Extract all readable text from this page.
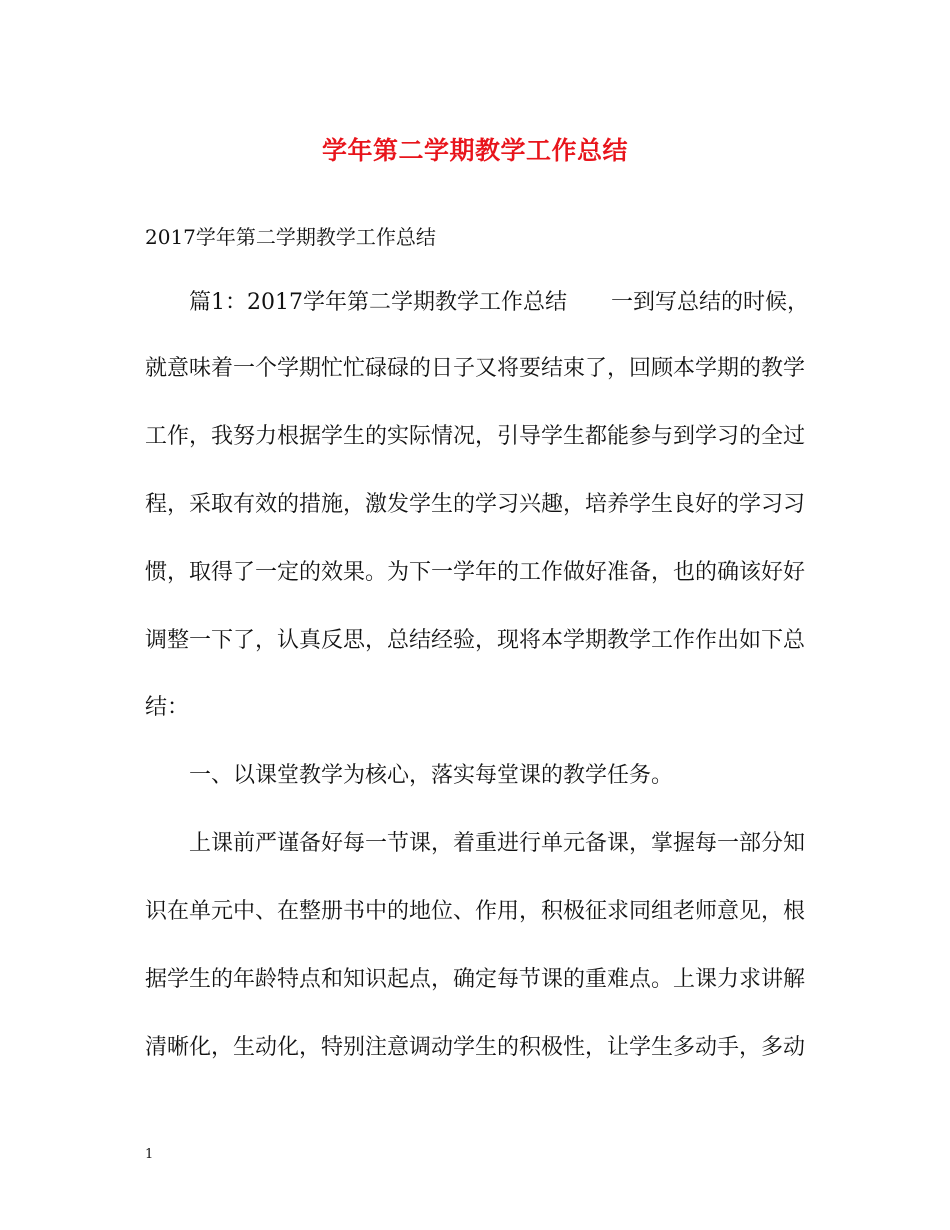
学年第二学期教学工作总结
2017学年第二学期教学工作总结
篇1：2017学年第二学期教学工作总结 一到写总结的时候，
就意味着一个学期忙忙碌碌的日子又将要结束了，回顾本学期的教学
工作，我努力根据学生的实际情况，引导学生都能参与到学习的全过
程，采取有效的措施，激发学生的学习兴趣，培养学生良好的学习习
惯，取得了一定的效果。为下一学年的工作做好准备，也的确该好好
调整一下了，认真反思，总结经验，现将本学期教学工作作出如下总
结：
一、以课堂教学为核心，落实每堂课的教学任务。
上课前严谨备好每一节课，着重进行单元备课，掌握每一部分知
识在单元中、在整册书中的地位、作用，积极征求同组老师意见，根
据学生的年龄特点和知识起点，确定每节课的重难点。上课力求讲解
清晰化，生动化，特别注意调动学生的积极性，让学生多动手，多动
1
